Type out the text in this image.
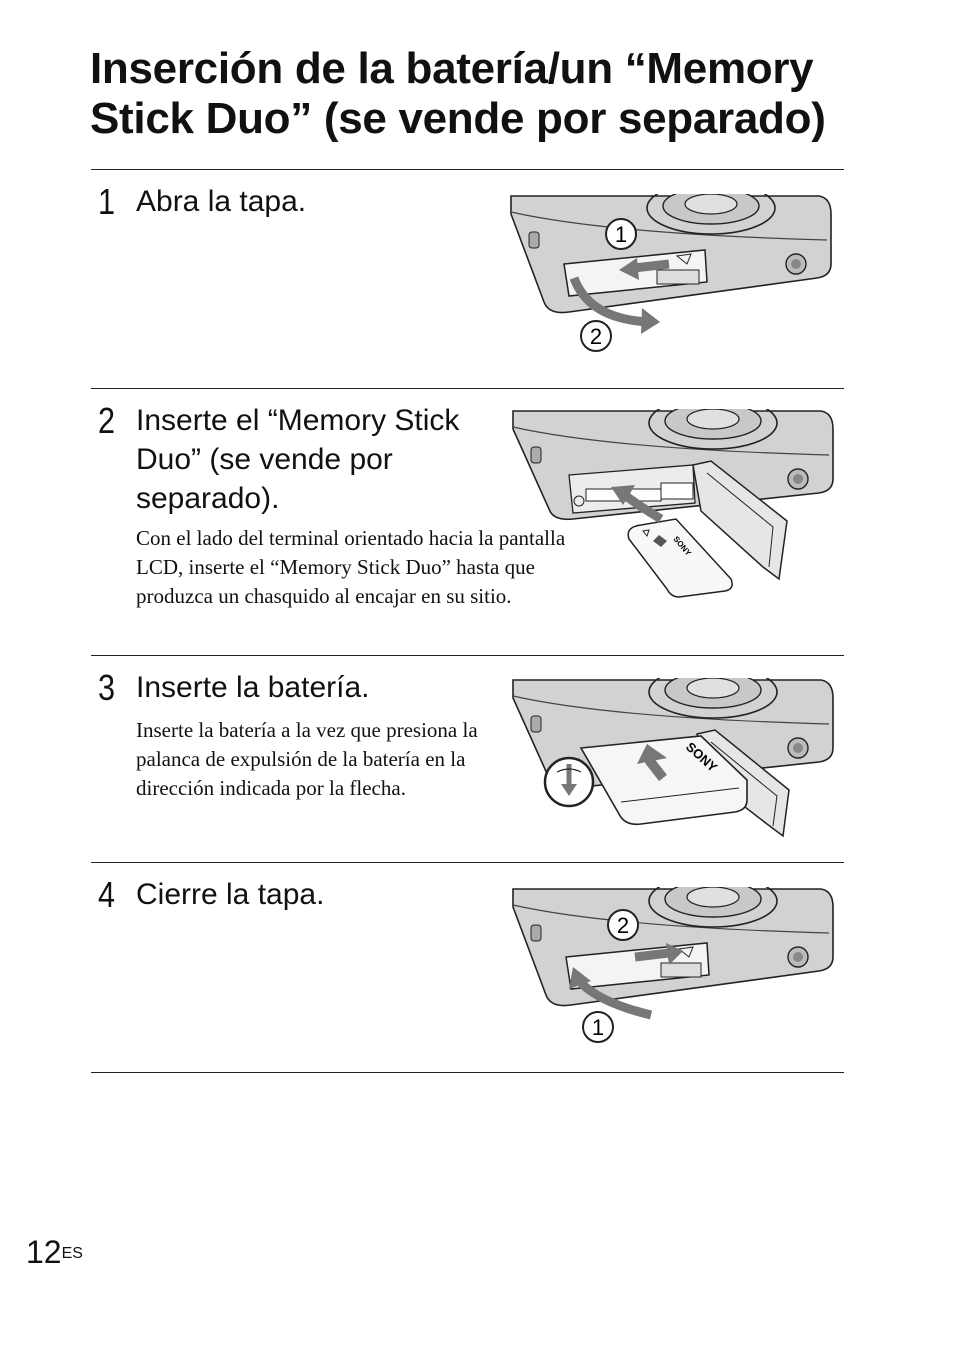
Inserción de la batería/un “Memory
Stick Duo” (se vende por separado)
1 Abra la tapa.
1
2
2 Inserte el “Memory Stick Duo” (se vende por separado).

Con el lado del terminal orientado hacia la pantalla LCD, inserte el “Memory Stick Duo” hasta que produzca un chasquido al encajar en su sitio.

SONY
3 Inserte la batería.

Inserte la batería a la vez que presiona la palanca de expulsión de la batería en la dirección indicada por la flecha.

SONY
4 Cierre la tapa.
2
1
$12^{ES}$
